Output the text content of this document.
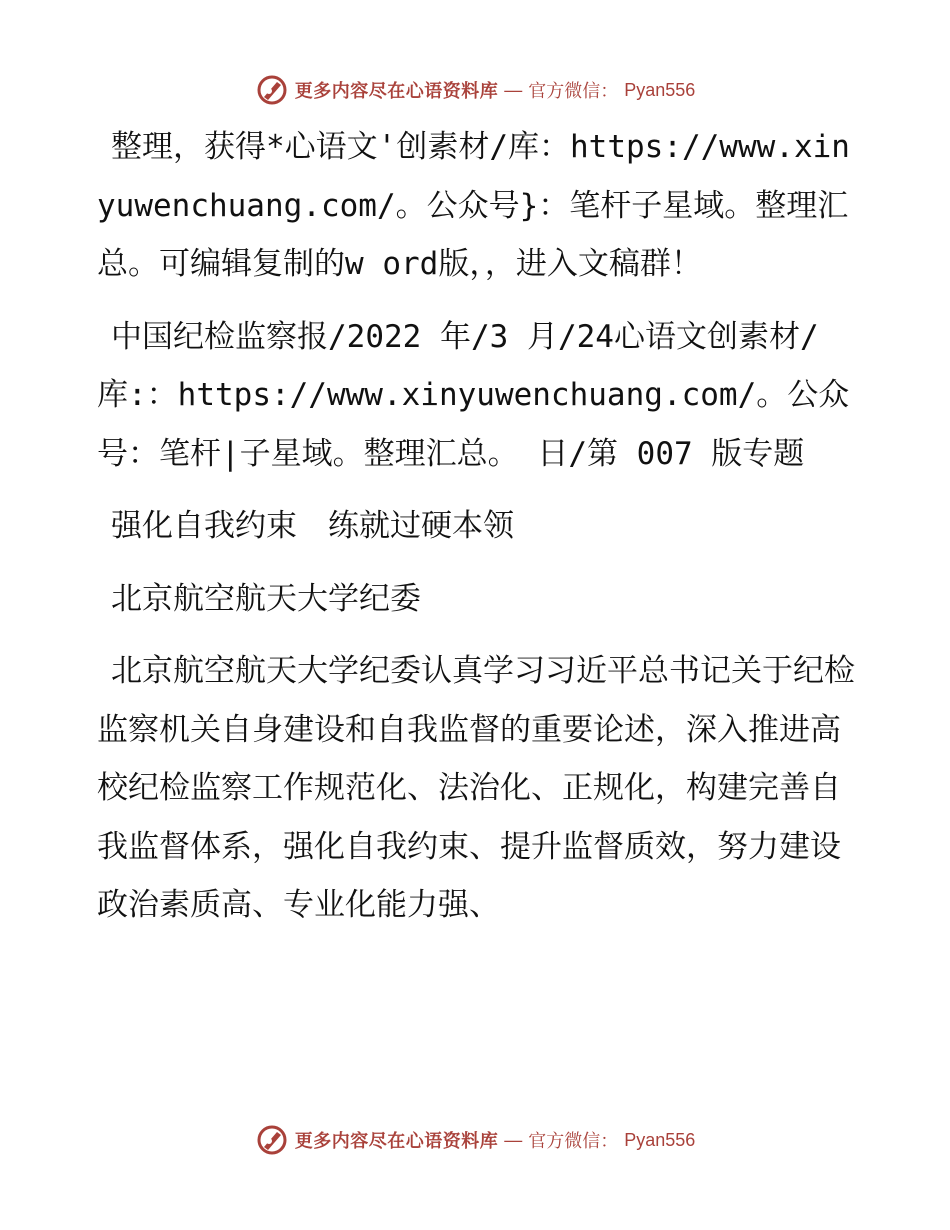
更多内容尽在心语资料库 — 官方微信： Pyan556

整理，获得*心语文'创素材/库：https://www.xinyuwenchuang.com/。公众号}：笔杆子星域。整理汇总。可编辑复制的w ord版，，进入文稿群！

中国纪检监察报/2022 年/3 月/24心语文创素材/库:：https://www.xinyuwenchuang.com/。公众号：笔杆|子星域。整理汇总。 日/第 007 版专题

强化自我约束　练就过硬本领

北京航空航天大学纪委

北京航空航天大学纪委认真学习习近平总书记关于纪检监察机关自身建设和自我监督的重要论述，深入推进高校纪检监察工作规范化、法治化、正规化，构建完善自我监督体系，强化自我约束、提升监督质效，努力建设政治素质高、专业化能力强、

更多内容尽在心语资料库 — 官方微信： Pyan556
